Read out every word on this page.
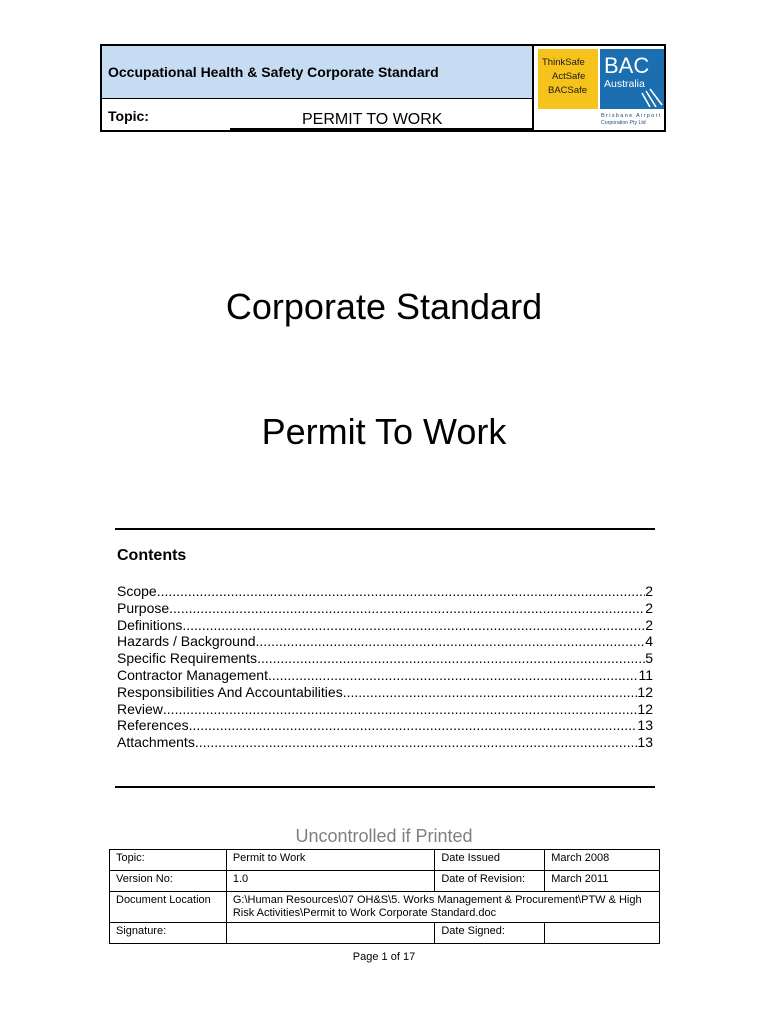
Occupational Health & Safety Corporate Standard
Topic:	PERMIT TO WORK
ThinkSafe
ActSafe
BACSafe
BAC
Australia
Brisbane Airport
Corporation Pty Ltd
Corporate Standard
Permit To Work
Contents
Scope .....	2
Purpose .....	2
Definitions .....	2
Hazards / Background .....	4
Specific Requirements .....	5
Contractor Management .....	11
Responsibilities And Accountabilities .....	12
Review .....	12
References .....	13
Attachments .....	13
Uncontrolled if Printed
Topic:	Permit to Work	Date Issued	March 2008
Version No:	1.0	Date of Revision:	March 2011
Document Location	G:\Human Resources\07 OH&S\5. Works Management & Procurement\PTW & High Risk Activities\Permit to Work Corporate Standard.doc		
Signature:		Date Signed:	
Page 1 of 17
